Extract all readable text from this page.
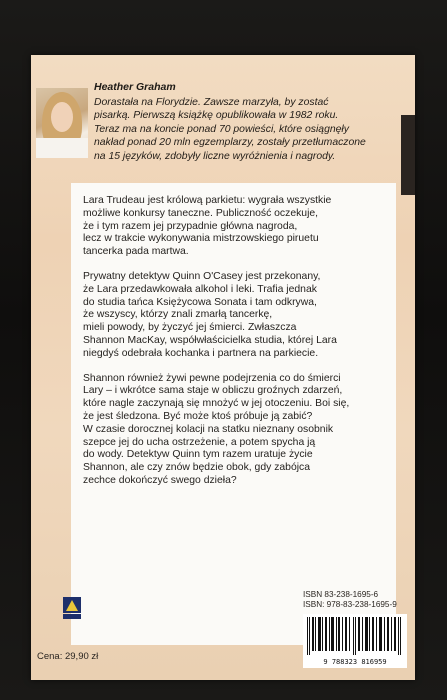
Heather Graham

Dorastała na Florydzie. Zawsze marzyła, by zostać

pisarką. Pierwszą książkę opublikowała w 1982 roku.

Teraz ma na koncie ponad 70 powieści, które osiągnęły

nakład ponad 20 mln egzemplarzy, zostały przetłumaczone

na 15 języków, zdobyły liczne wyróżnienia i nagrody.

Lara Trudeau jest królową parkietu: wygrała wszystkie
możliwe konkursy taneczne. Publiczność oczekuje,
że i tym razem jej przypadnie główna nagroda,
lecz w trakcie wykonywania mistrzowskiego piruetu
tancerka pada martwa.

Prywatny detektyw Quinn O'Casey jest przekonany,
że Lara przedawkowała alkohol i leki. Trafia jednak
do studia tańca Księżycowa Sonata i tam odkrywa,
że wszyscy, którzy znali zmarłą tancerkę,
mieli powody, by życzyć jej śmierci. Zwłaszcza
Shannon MacKay, współwłaścicielka studia, której Lara
niegdyś odebrała kochanka i partnera na parkiecie.

Shannon również żywi pewne podejrzenia co do śmierci
Lary – i wkrótce sama staje w obliczu groźnych zdarzeń,
które nagle zaczynają się mnożyć w jej otoczeniu. Boi się,
że jest śledzona. Być może ktoś próbuje ją zabić?
W czasie dorocznej kolacji na statku nieznany osobnik
szepce jej do ucha ostrzeżenie, a potem spycha ją
do wody. Detektyw Quinn tym razem uratuje życie
Shannon, ale czy znów będzie obok, gdy zabójca
zechce dokończyć swego dzieła?

Cena: 29,90 zł
ISBN 83-238-1695-6
ISBN: 978-83-238-1695-9
9 788323 816959
